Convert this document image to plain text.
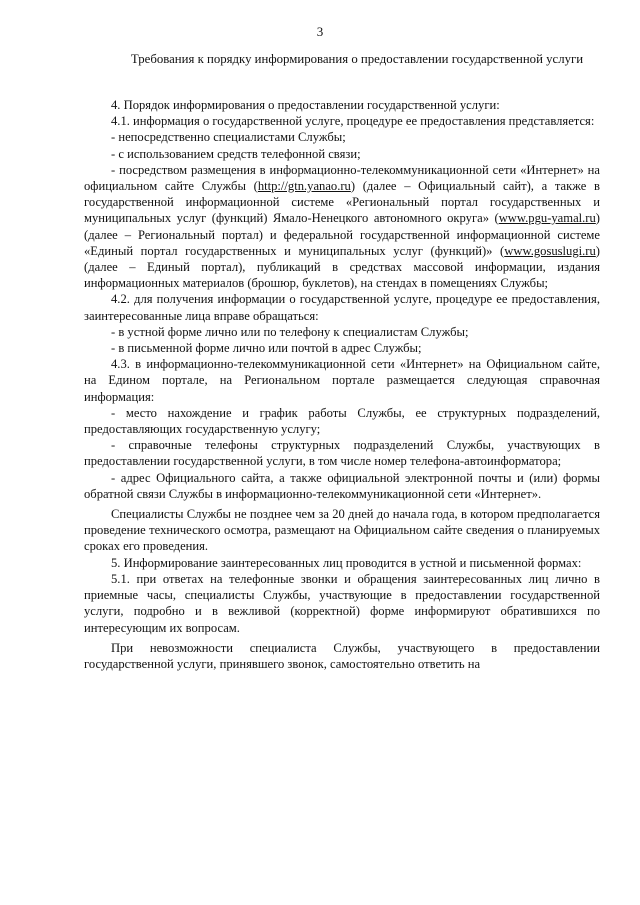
3
Требования к порядку информирования о предоставлении государственной услуги

4. Порядок информирования о предоставлении государственной услуги:

4.1. информация о государственной услуге, процедуре ее предоставления представляется:

- непосредственно специалистами Службы;

- с использованием средств телефонной связи;

- посредством размещения в информационно-телекоммуникационной сети «Интернет» на официальном сайте Службы (http://gtn.yanao.ru) (далее – Официальный сайт), а также в государственной информационной системе «Региональный портал государственных и муниципальных услуг (функций) Ямало-Ненецкого автономного округа» (www.pgu-yamal.ru) (далее – Региональный портал) и федеральной государственной информационной системе «Единый портал государственных и муниципальных услуг (функций)» (www.gosuslugi.ru) (далее – Единый портал), публикаций в средствах массовой информации, издания информационных материалов (брошюр, буклетов), на стендах в помещениях Службы;

4.2. для получения информации о государственной услуге, процедуре ее предоставления, заинтересованные лица вправе обращаться:

- в устной форме лично или по телефону к специалистам Службы;

- в письменной форме лично или почтой в адрес Службы;

4.3. в информационно-телекоммуникационной сети «Интернет» на Официальном сайте, на Едином портале, на Региональном портале размещается следующая справочная информация:

- место нахождение и график работы Службы, ее структурных подразделений, предоставляющих государственную услугу;

- справочные телефоны структурных подразделений Службы, участвующих в предоставлении государственной услуги, в том числе номер телефона-автоинформатора;

- адрес Официального сайта, а также официальной электронной почты и (или) формы обратной связи Службы в информационно-телекоммуникационной сети «Интернет».

Специалисты Службы не позднее чем за 20 дней до начала года, в котором предполагается проведение технического осмотра, размещают на Официальном сайте сведения о планируемых сроках его проведения.

5. Информирование заинтересованных лиц проводится в устной и письменной формах:

5.1. при ответах на телефонные звонки и обращения заинтересованных лиц лично в приемные часы, специалисты Службы, участвующие в предоставлении государственной услуги, подробно и в вежливой (корректной) форме информируют обратившихся по интересующим их вопросам.

При невозможности специалиста Службы, участвующего в предоставлении государственной услуги, принявшего звонок, самостоятельно ответить на
